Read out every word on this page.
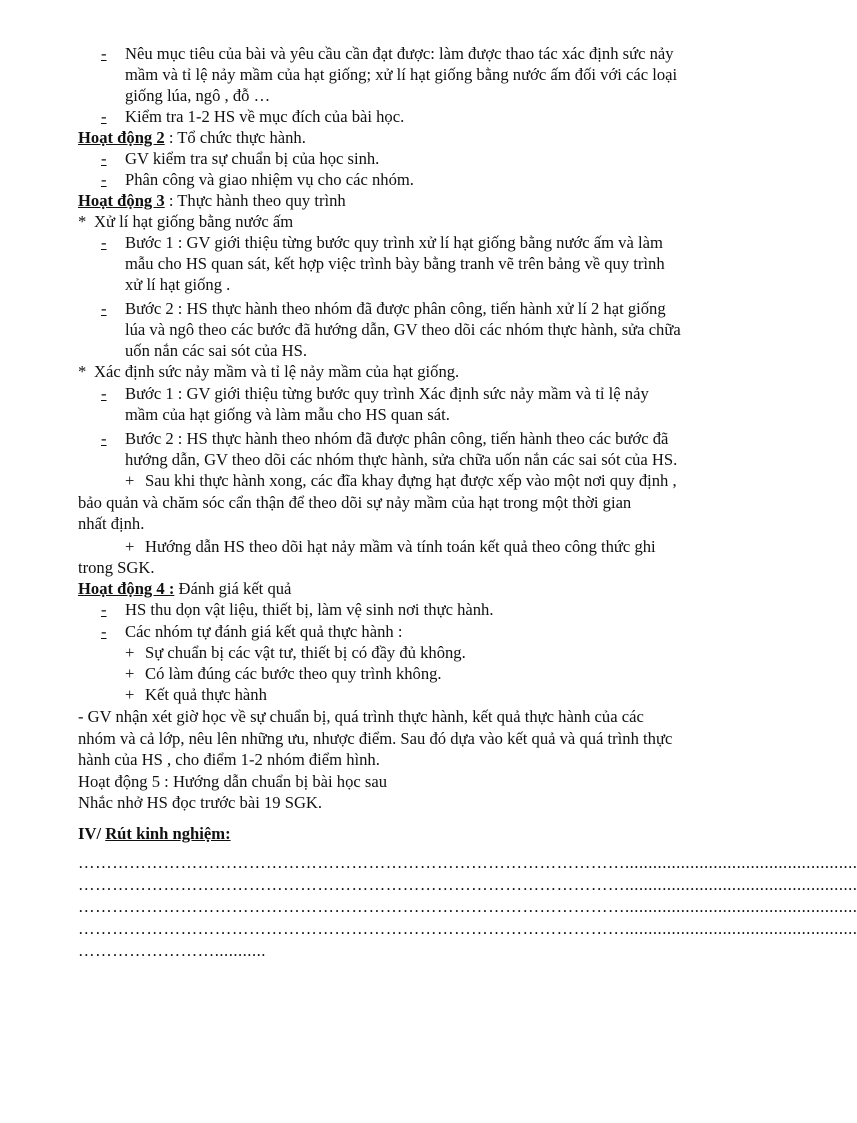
- Nêu mục tiêu của bài và yêu cầu cần đạt được: làm được thao tác xác định sức nảy
mầm và tỉ lệ nảy mầm của hạt giống; xử lí hạt giống bằng nước ấm đối với các loại
giống lúa, ngô , đỗ …
- Kiểm tra 1-2 HS về mục đích của bài học.
Hoạt động 2 : Tổ chức thực hành.
- GV kiểm tra sự chuẩn bị của học sinh.
- Phân công và giao nhiệm vụ cho các nhóm.
Hoạt động 3 : Thực hành theo quy trình
* Xử lí hạt giống bằng nước ấm
- Bước 1 : GV giới thiệu từng bước quy trình xử lí hạt giống bằng nước ấm và làm
mẫu cho HS quan sát, kết hợp việc trình bày bằng tranh vẽ trên bảng về quy trình
xử lí hạt giống .
- Bước 2 : HS thực hành theo nhóm đã được phân công, tiến hành xử lí 2 hạt giống
lúa và ngô theo các bước đã hướng dẫn, GV theo dõi các nhóm thực hành, sửa chữa
uốn nắn các sai sót của HS.
* Xác định sức nảy mầm và tỉ lệ nảy mầm của hạt giống.
- Bước 1 : GV giới thiệu từng bước quy trình Xác định sức nảy mầm và tỉ lệ nảy
mầm của hạt giống và làm mẫu cho HS quan sát.
- Bước 2 : HS thực hành theo nhóm đã được phân công, tiến hành theo các bước đã
hướng dẫn, GV theo dõi các nhóm thực hành, sửa chữa uốn nắn các sai sót của HS.
+ Sau khi thực hành xong, các đĩa khay đựng hạt được xếp vào một nơi quy định ,
bảo quản và chăm sóc cẩn thận để theo dõi sự nảy mầm của hạt trong một thời gian
nhất định.
+ Hướng dẫn HS theo dõi hạt nảy mầm và tính toán kết quả theo công thức ghi
trong SGK.
Hoạt động 4 : Đánh giá kết quả
- HS thu dọn vật liệu, thiết bị, làm vệ sinh nơi thực hành.
- Các nhóm tự đánh giá kết quả thực hành :
+ Sự chuẩn bị các vật tư, thiết bị có đầy đủ không.
+ Có làm đúng các bước theo quy trình không.
+ Kết quả thực hành
- GV nhận xét giờ học về sự chuẩn bị, quá trình thực hành, kết quả thực hành của các
nhóm và cả lớp, nêu lên những ưu, nhược điểm. Sau đó dựa vào kết quả và quá trình thực
hành của HS , cho điểm 1-2 nhóm điểm hình.
Hoạt động 5 : Hướng dẫn chuẩn bị bài học sau
Nhắc nhở HS đọc trước bài 19 SGK.
IV/ Rút kinh nghiệm:
……………………………………………………………………………………..................................................
……………………………………………………………………………………..................................................
……………………………………………………………………………………..................................................
……………………………………………………………………………………..................................................
……………………...........
